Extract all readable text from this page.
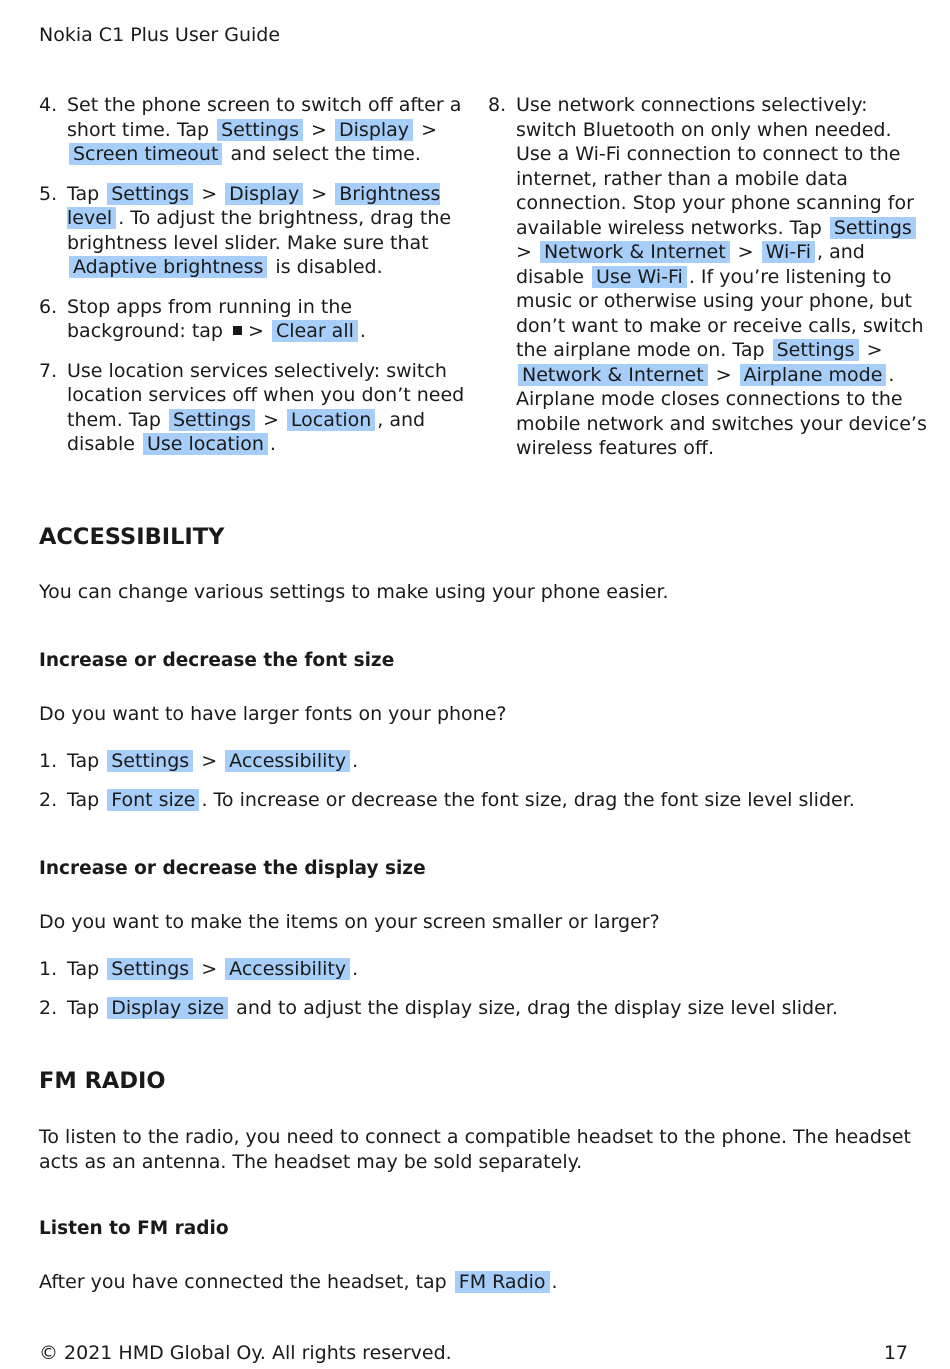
Nokia C1 Plus User Guide
4. Set the phone screen to switch off after a short time. Tap Settings > Display > Screen timeout and select the time.
5. Tap Settings > Display > Brightness level . To adjust the brightness, drag the brightness level slider. Make sure that Adaptive brightness is disabled.
6. Stop apps from running in the background: tap > Clear all .
7. Use location services selectively: switch location services off when you don’t need them. Tap Settings > Location , and disable Use location .
8. Use network connections selectively: switch Bluetooth on only when needed. Use a Wi-Fi connection to connect to the internet, rather than a mobile data connection. Stop your phone scanning for available wireless networks. Tap Settings > Network & Internet > Wi-Fi , and disable Use Wi-Fi . If you’re listening to music or otherwise using your phone, but don’t want to make or receive calls, switch the airplane mode on. Tap Settings > Network & Internet > Airplane mode . Airplane mode closes connections to the mobile network and switches your device’s wireless features off.
ACCESSIBILITY
You can change various settings to make using your phone easier.
Increase or decrease the font size
Do you want to have larger fonts on your phone?
1. Tap Settings > Accessibility .
2. Tap Font size . To increase or decrease the font size, drag the font size level slider.
Increase or decrease the display size
Do you want to make the items on your screen smaller or larger?
1. Tap Settings > Accessibility .
2. Tap Display size and to adjust the display size, drag the display size level slider.
FM RADIO
To listen to the radio, you need to connect a compatible headset to the phone. The headset acts as an antenna. The headset may be sold separately.
Listen to FM radio
After you have connected the headset, tap FM Radio .
© 2021 HMD Global Oy. All rights reserved.	17
